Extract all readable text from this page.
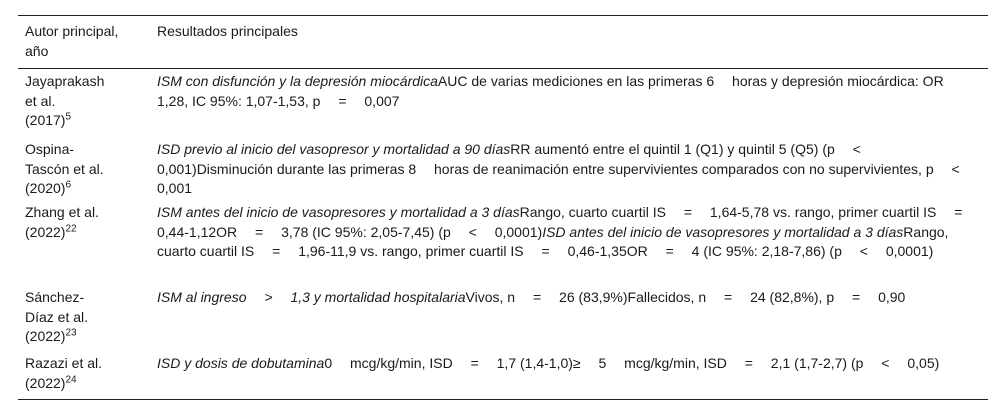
Autor principal,
año
Resultados principales
Jayaprakash
et al.
$(2017)^5$
ISM con disfunción y la depresión miocárdicaAUC de varias mediciones en las primeras 6  horas y depresión miocárdica: OR 1,28, IC 95%: 1,07-1,53, p  =  0,007
ISD previo al inicio del vasopresor y mortalidad a 90 díasRR aumentó entre el quintil 1 (Q1) y quintil 5 (Q5) (p  <  0,001)Disminución durante las primeras 8  horas de reanimación entre supervivientes comparados con no supervivientes, p  <  0,001
Ospina-
Tascón et al.
$(2020)^6$
Zhang et al.
$(2022)^{22}$
ISM antes del inicio de vasopresores y mortalidad a 3 díasRango, cuarto cuartil IS  =  1,64-5,78 vs. rango, primer cuartil IS  =  0,44-1,12OR  =  3,78 (IC 95%: 2,05-7,45) (p  <  0,0001)ISD antes del inicio de vasopresores y mortalidad a 3 díasRango, cuarto cuartil IS  =  1,96-11,9 vs. rango, primer cuartil IS  =  0,46-1,35OR  =  4 (IC 95%: 2,18-7,86) (p  <  0,0001)
Sánchez-
Díaz et al.
$(2022)^{23}$
ISM al ingreso  >  1,3 y mortalidad hospitalariaVivos, n  =  26 (83,9%)Fallecidos, n  =  24 (82,8%), p  =  0,90
Razazi et al.
$(2022)^{24}$
ISD y dosis de dobutamina0  mcg/kg/min, ISD  =  1,7 (1,4-1,0)≥  5  mcg/kg/min, ISD  =  2,1 (1,7-2,7) (p  <  0,05)
